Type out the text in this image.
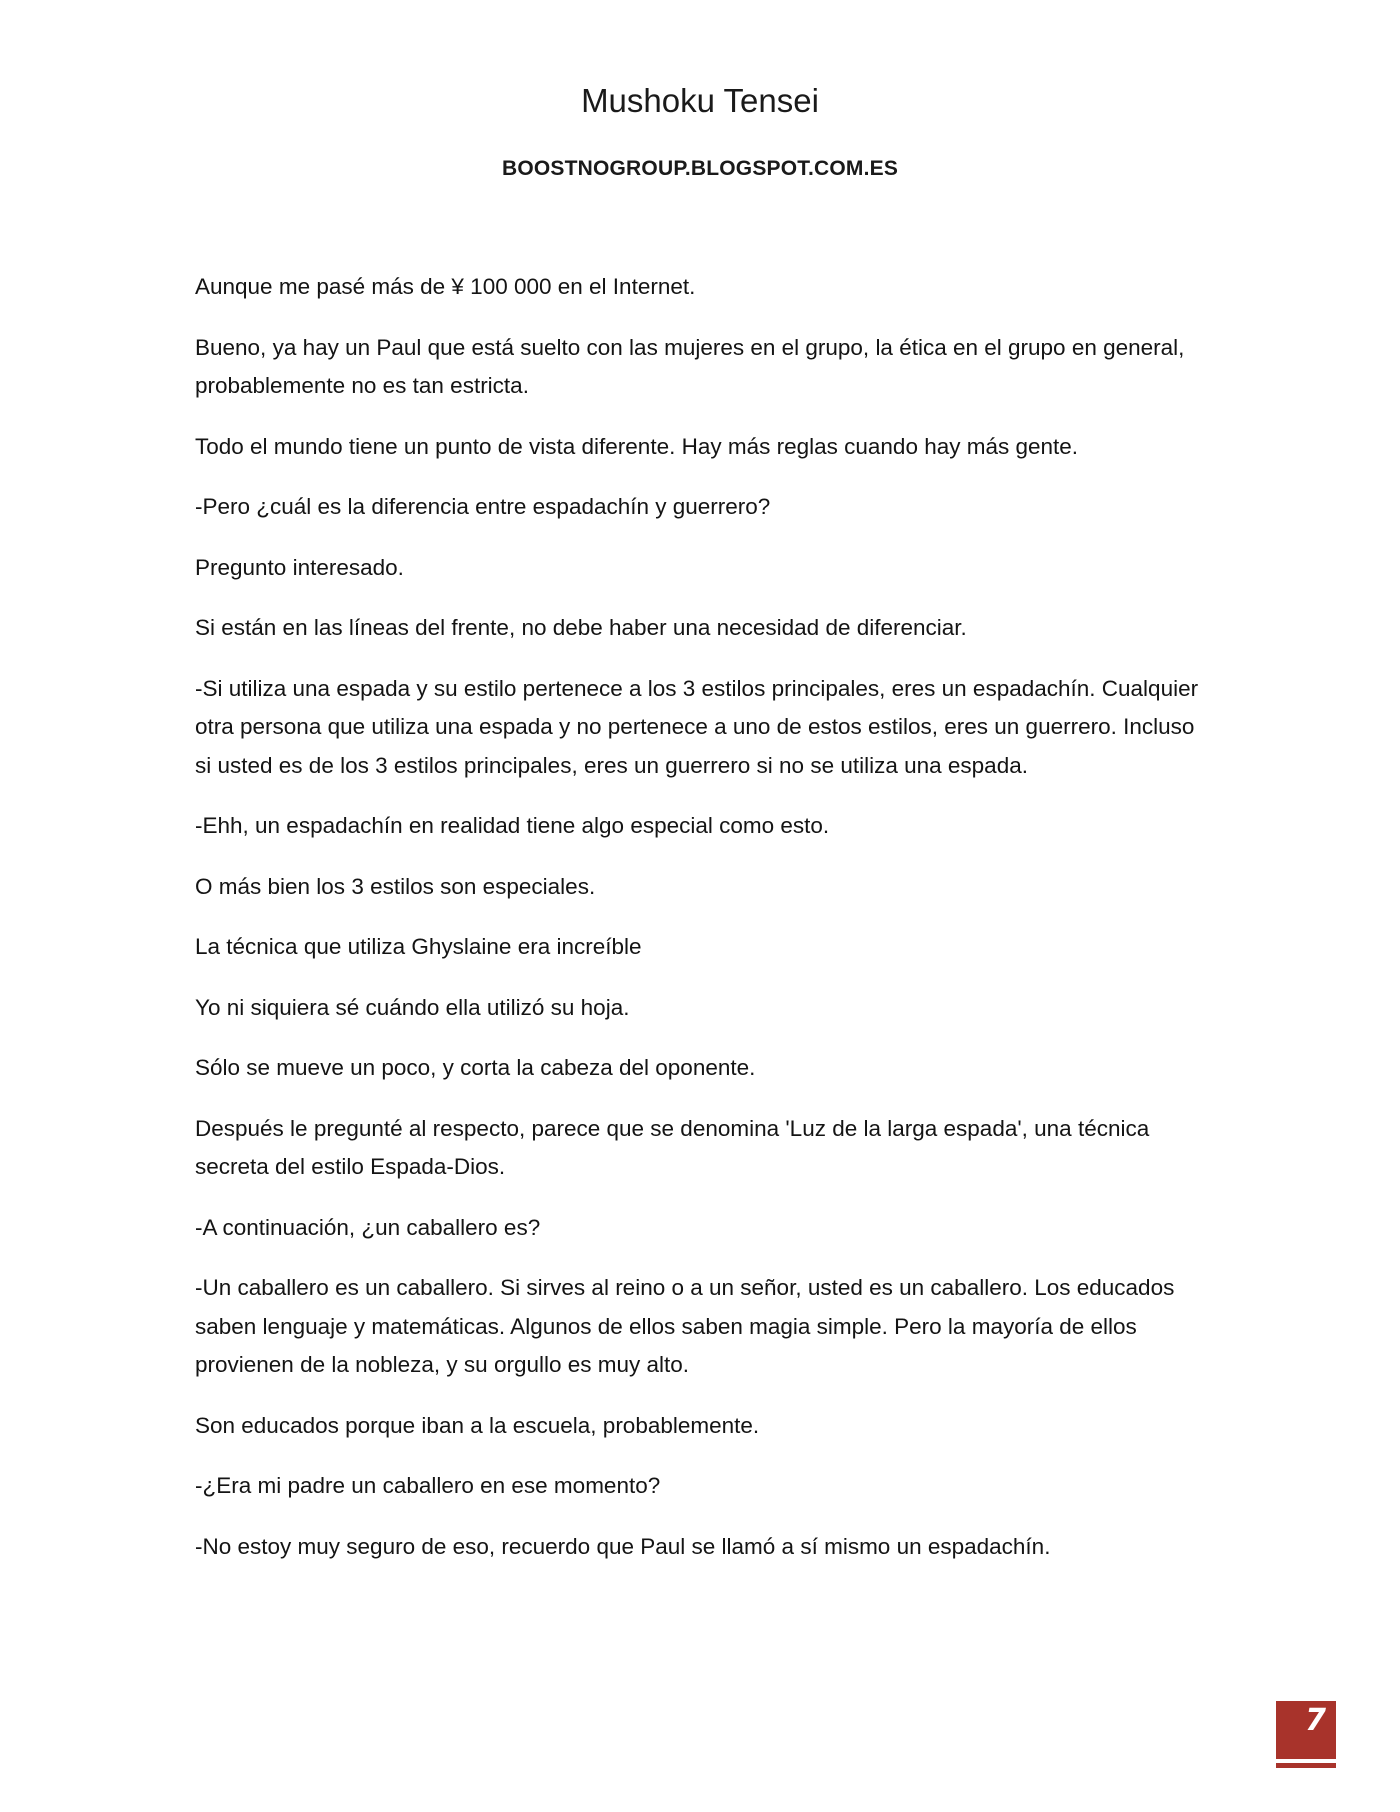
Mushoku Tensei
BOOSTNOGROUP.BLOGSPOT.COM.ES

Aunque me pasé más de ¥ 100 000 en el Internet.

Bueno, ya hay un Paul que está suelto con las mujeres en el grupo, la ética en el grupo en general, probablemente no es tan estricta.

Todo el mundo tiene un punto de vista diferente. Hay más reglas cuando hay más gente.

-Pero ¿cuál es la diferencia entre espadachín y guerrero?

Pregunto interesado.

Si están en las líneas del frente, no debe haber una necesidad de diferenciar.

-Si utiliza una espada y su estilo pertenece a los 3 estilos principales, eres un espadachín. Cualquier otra persona que utiliza una espada y no pertenece a uno de estos estilos, eres un guerrero. Incluso si usted es de los 3 estilos principales, eres un guerrero si no se utiliza una espada.

-Ehh, un espadachín en realidad tiene algo especial como esto.

O más bien los 3 estilos son especiales.

La técnica que utiliza Ghyslaine era increíble

Yo ni siquiera sé cuándo ella utilizó su hoja.

Sólo se mueve un poco, y corta la cabeza del oponente.

Después le pregunté al respecto, parece que se denomina 'Luz de la larga espada', una técnica secreta del estilo Espada-Dios.

-A continuación, ¿un caballero es?

-Un caballero es un caballero. Si sirves al reino o a un señor, usted es un caballero. Los educados saben lenguaje y matemáticas. Algunos de ellos saben magia simple. Pero la mayoría de ellos provienen de la nobleza, y su orgullo es muy alto.

Son educados porque iban a la escuela, probablemente.

-¿Era mi padre un caballero en ese momento?

-No estoy muy seguro de eso, recuerdo que Paul se llamó a sí mismo un espadachín.

7
